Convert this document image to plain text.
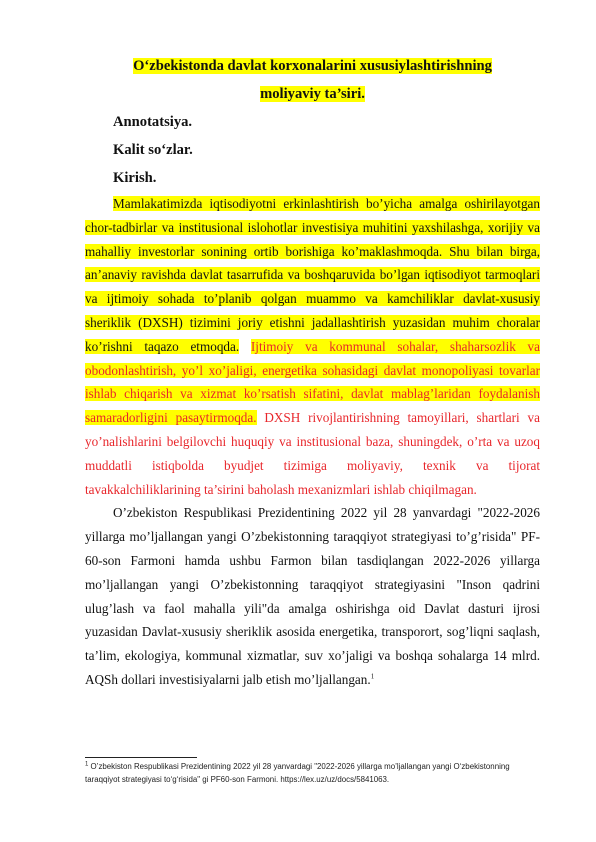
O‘zbekistonda davlat korxonalarini xususiylashtirishning
moliyaviy ta’siri.

Annotatsiya.

Kalit so‘zlar.

Kirish.

Mamlakatimizda iqtisodiyotni erkinlashtirish bo’yicha amalga oshirilayotgan chor-tadbirlar va institusional islohotlar investisiya muhitini yaxshilashga, xorijiy va mahalliy investorlar sonining ortib borishiga ko’maklashmoqda. Shu bilan birga, an’anaviy ravishda davlat tasarrufida va boshqaruvida bo’lgan iqtisodiyot tarmoqlari va ijtimoiy sohada to’planib qolgan muammo va kamchiliklar davlat-xususiy sheriklik (DXSH) tizimini joriy etishni jadallashtirish yuzasidan muhim choralar ko’rishni taqazo etmoqda. Ijtimoiy va kommunal sohalar, shaharsozlik va obodonlashtirish, yo’l xo’jaligi, energetika sohasidagi davlat monopoliyasi tovarlar ishlab chiqarish va xizmat ko’rsatish sifatini, davlat mablag’laridan foydalanish samaradorligini pasaytirmoqda. DXSH rivojlantirishning tamoyillari, shartlari va yo’nalishlarini belgilovchi huquqiy va institusional baza, shuningdek, o’rta va uzoq muddatli istiqbolda byudjet tizimiga moliyaviy, texnik va tijorat tavakkalchiliklarining ta’sirini baholash mexanizmlari ishlab chiqilmagan.

O’zbekiston Respublikasi Prezidentining 2022 yil 28 yanvardagi "2022-2026 yillarga mo’ljallangan yangi O’zbekistonning taraqqiyot strategiyasi to’g’risida" PF-60-son Farmoni hamda ushbu Farmon bilan tasdiqlangan 2022-2026 yillarga mo’ljallangan yangi O’zbekistonning taraqqiyot strategiyasini "Inson qadrini ulug’lash va faol mahalla yili"da amalga oshirishga oid Davlat dasturi ijrosi yuzasidan Davlat-xususiy sheriklik asosida energetika, transporort, sog’liqni saqlash, ta’lim, ekologiya, kommunal xizmatlar, suv xo’jaligi va boshqa sohalarga 14 mlrd. AQSh dollari investisiyalarni jalb etish mo’ljallangan.$^1$

$^1$ O’zbekiston Respublikasi Prezidentining 2022 yil 28 yanvardagi "2022-2026 yillarga mo’ljallangan yangi O‘zbekistonning taraqqiyot strategiyasi to‘g‘risida" gi PF60-son Farmoni. https://lex.uz/uz/docs/5841063.
